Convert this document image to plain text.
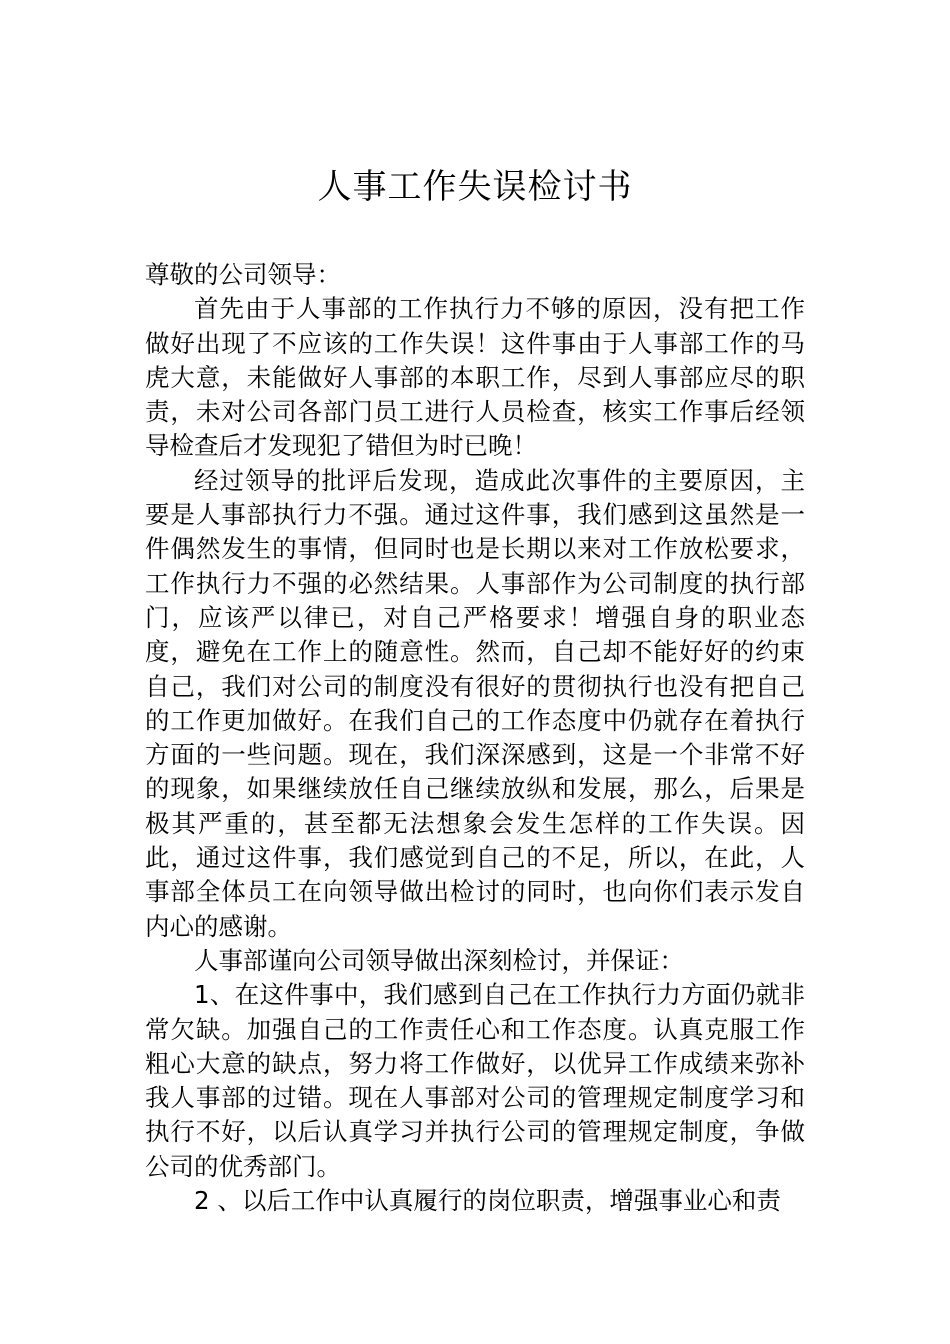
人事工作失误检讨书

尊敬的公司领导：

首先由于人事部的工作执行力不够的原因，没有把工作做好出现了不应该的工作失误！这件事由于人事部工作的马虎大意，未能做好人事部的本职工作，尽到人事部应尽的职责，未对公司各部门员工进行人员检查，核实工作事后经领导检查后才发现犯了错但为时已晚！

经过领导的批评后发现，造成此次事件的主要原因，主要是人事部执行力不强。通过这件事，我们感到这虽然是一件偶然发生的事情，但同时也是长期以来对工作放松要求，工作执行力不强的必然结果。人事部作为公司制度的执行部门，应该严以律已，对自己严格要求！增强自身的职业态度，避免在工作上的随意性。然而，自己却不能好好的约束自己，我们对公司的制度没有很好的贯彻执行也没有把自己的工作更加做好。在我们自己的工作态度中仍就存在着执行方面的一些问题。现在，我们深深感到，这是一个非常不好的现象，如果继续放任自己继续放纵和发展，那么，后果是极其严重的，甚至都无法想象会发生怎样的工作失误。因此，通过这件事，我们感觉到自己的不足，所以，在此，人事部全体员工在向领导做出检讨的同时，也向你们表示发自内心的感谢。

人事部谨向公司领导做出深刻检讨，并保证：

1、在这件事中，我们感到自己在工作执行力方面仍就非常欠缺。加强自己的工作责任心和工作态度。认真克服工作粗心大意的缺点，努力将工作做好，以优异工作成绩来弥补我人事部的过错。现在人事部对公司的管理规定制度学习和执行不好，以后认真学习并执行公司的管理规定制度，争做公司的优秀部门。

2 、以后工作中认真履行的岗位职责，增强事业心和责
